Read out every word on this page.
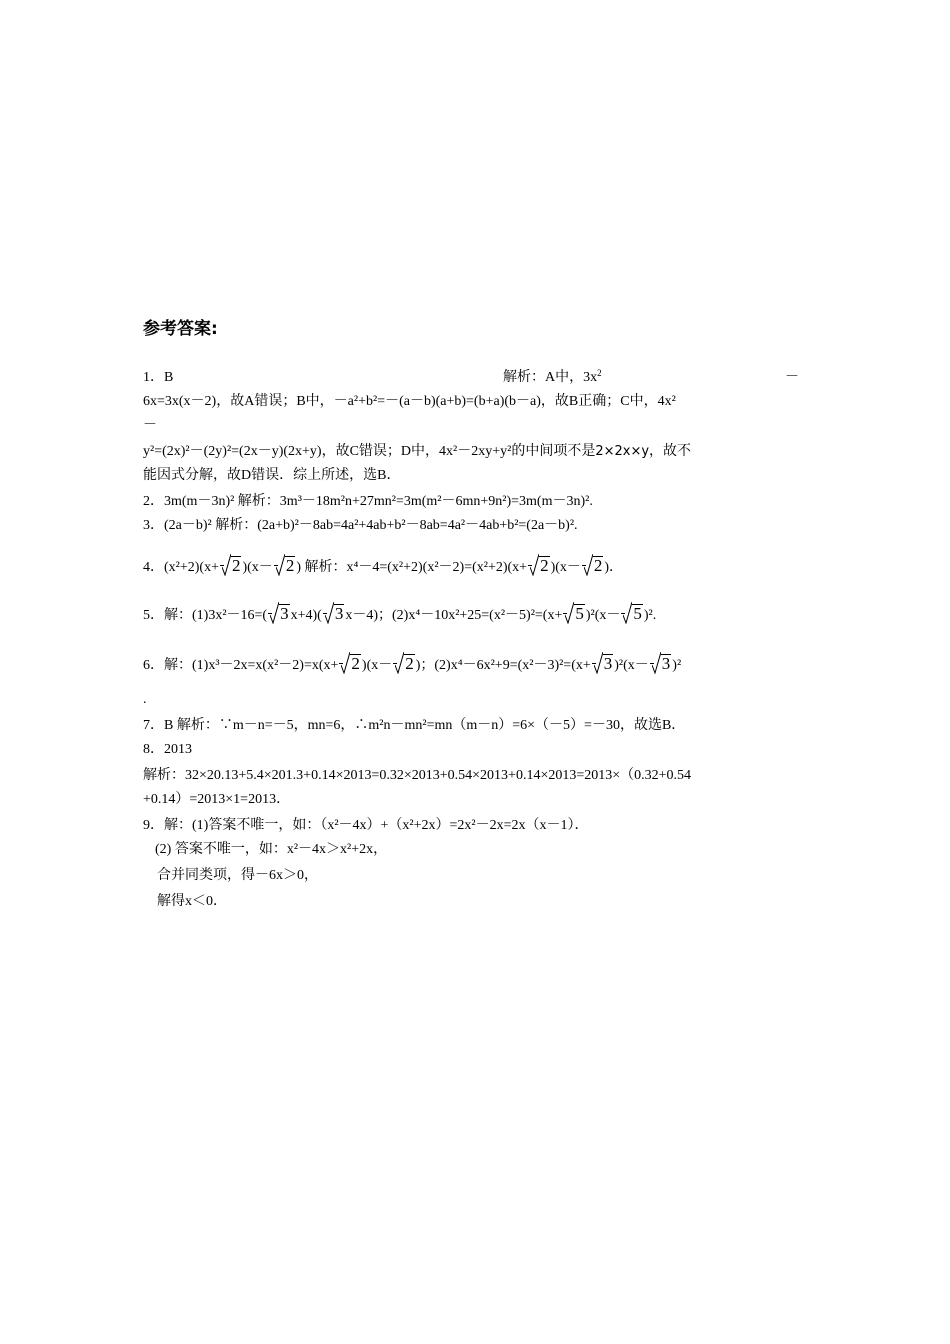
参考答案:
1．B	解析：A中，$3x^2$	－
6x=3x(x－2)，故A错误；B中，－a²+b²=－(a－b)(a+b)=(b+a)(b－a)，故B正确；C中，4x²
－
y²=(2x)²－(2y)²=(2x－y)(2x+y)，故C错误；D中，4x²－2xy+y²的中间项不是2×2x×y，故不
能因式分解，故D错误．综上所述，选B．
2．3m(m－3n)² 解析：3m³－18m²n+27mn²=3m(m²－6mn+9n²)=3m(m－3n)².
3．(2a－b)² 解析：(2a+b)²－8ab=4a²+4ab+b²－8ab=4a²－4ab+b²=(2a－b)².
4．(x²+2)(x+ 2 )(x－ 2 ) 解析：x⁴－4=(x²+2)(x²－2)=(x²+2)(x+ 2 )(x－ 2 )．
5．解：(1)3x²－16=( 3 x+4)( 3 x－4)；(2)x⁴－10x²+25=(x²－5)²=(x+ 5 )²(x－ 5 )².
6．解：(1)x³－2x=x(x²－2)=x(x+ 2 )(x－ 2 )；(2)x⁴－6x²+9=(x²－3)²=(x+ 3 )²(x－ 3 )²
.
7．B 解析：∵m－n=－5，mn=6，∴m²n－mn²=mn（m－n）=6×（－5）=－30，故选B．
8．2013
解析：32×20.13+5.4×201.3+0.14×2013=0.32×2013+0.54×2013+0.14×2013=2013×（0.32+0.54
+0.14）=2013×1=2013．
9．解：(1)答案不唯一，如：（x²－4x）+（x²+2x）=2x²－2x=2x（x－1）．
(2) 答案不唯一，如：x²－4x＞x²+2x，
合并同类项，得－6x＞0，
解得x＜0．
